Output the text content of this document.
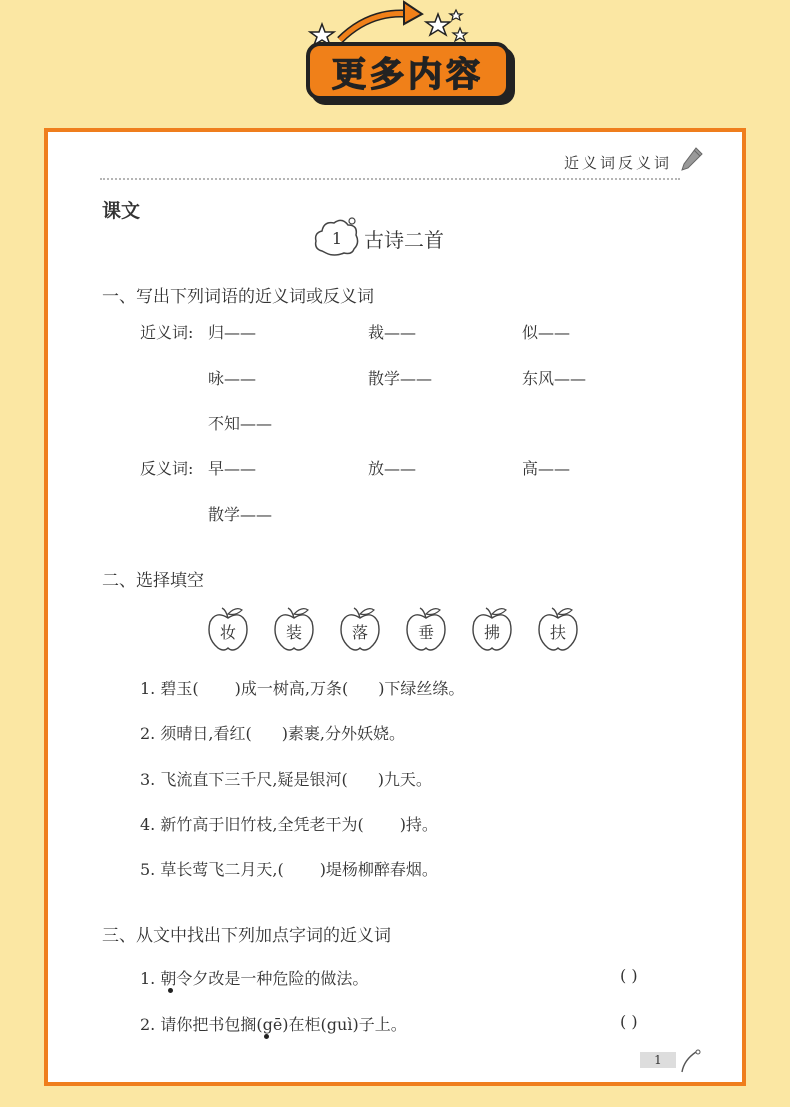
更多内容
近义词反义词
课文
1	古诗二首
一、写出下列词语的近义词或反义词
近义词: 归——	裁——	似——
咏——	散学——	东风——
不知——
反义词: 早——	放——	高——
散学——
二、选择填空
妆	装	落	垂	拂	扶
1. 碧玉( )成一树高,万条( )下绿丝绦。
2. 须晴日,看红( )素裹,分外妖娆。
3. 飞流直下三千尺,疑是银河( )九天。
4. 新竹高于旧竹枝,全凭老干为( )持。
5. 草长莺飞二月天,( )堤杨柳醉春烟。
三、从文中找出下列加点字词的近义词
1. 朝令夕改是一种危险的做法。	( )
2. 请你把书包搁(gē)在柜(guì)子上。	( )
1
